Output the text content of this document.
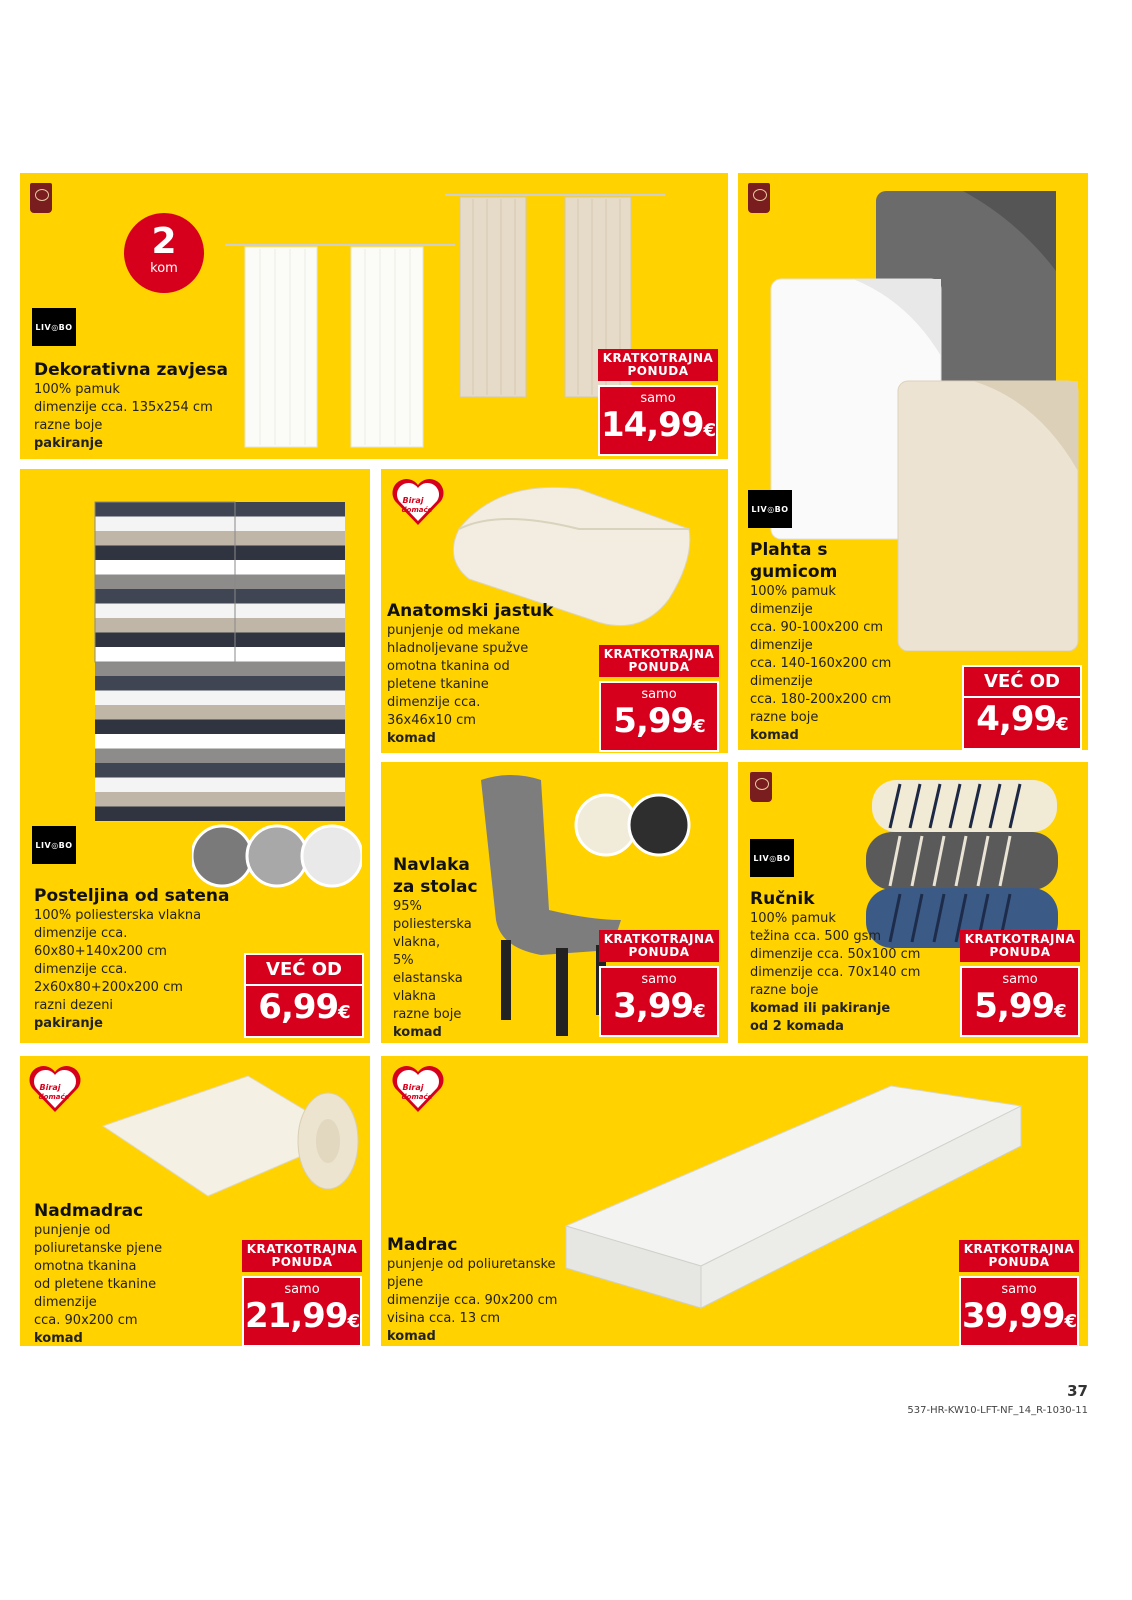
2
kom
LIV◎BO
Dekorativna zavjesa
100% pamuk
dimenzije cca. 135x254 cm
razne boje
pakiranje
KRATKOTRAJNA
PONUDA
samo
14,99€
LIV◎BO
Plahta s
gumicom
100% pamuk
dimenzije
cca. 90-100x200 cm
dimenzije
cca. 140-160x200 cm
dimenzije
cca. 180-200x200 cm
razne boje
komad
VEĆ OD
4,99€
LIV◎BO
Posteljina od satena
100% poliesterska vlakna
dimenzije cca.
60x80+140x200 cm
dimenzije cca.
2x60x80+200x200 cm
razni dezeni
pakiranje
VEĆ OD
6,99€
Biraj
domaće
Anatomski jastuk
punjenje od mekane
hladnoljevane spužve
omotna tkanina od
pletene tkanine
dimenzije cca.
36x46x10 cm
komad
KRATKOTRAJNA
PONUDA
samo
5,99€
Navlaka
za stolac
95%
poliesterska
vlakna,
5%
elastanska
vlakna
razne boje
komad
KRATKOTRAJNA
PONUDA
samo
3,99€
LIV◎BO
Ručnik
100% pamuk
težina cca. 500 gsm
dimenzije cca. 50x100 cm
dimenzije cca. 70x140 cm
razne boje
komad ili pakiranje
od 2 komada
KRATKOTRAJNA
PONUDA
samo
5,99€
Biraj
domaće
Nadmadrac
punjenje od
poliuretanske pjene
omotna tkanina
od pletene tkanine
dimenzije
cca. 90x200 cm
komad
KRATKOTRAJNA
PONUDA
samo
21,99€
Biraj
domaće
Madrac
punjenje od poliuretanske
pjene
dimenzije cca. 90x200 cm
visina cca. 13 cm
komad
KRATKOTRAJNA
PONUDA
samo
39,99€
37
537-HR-KW10-LFT-NF_14_R-1030-11
